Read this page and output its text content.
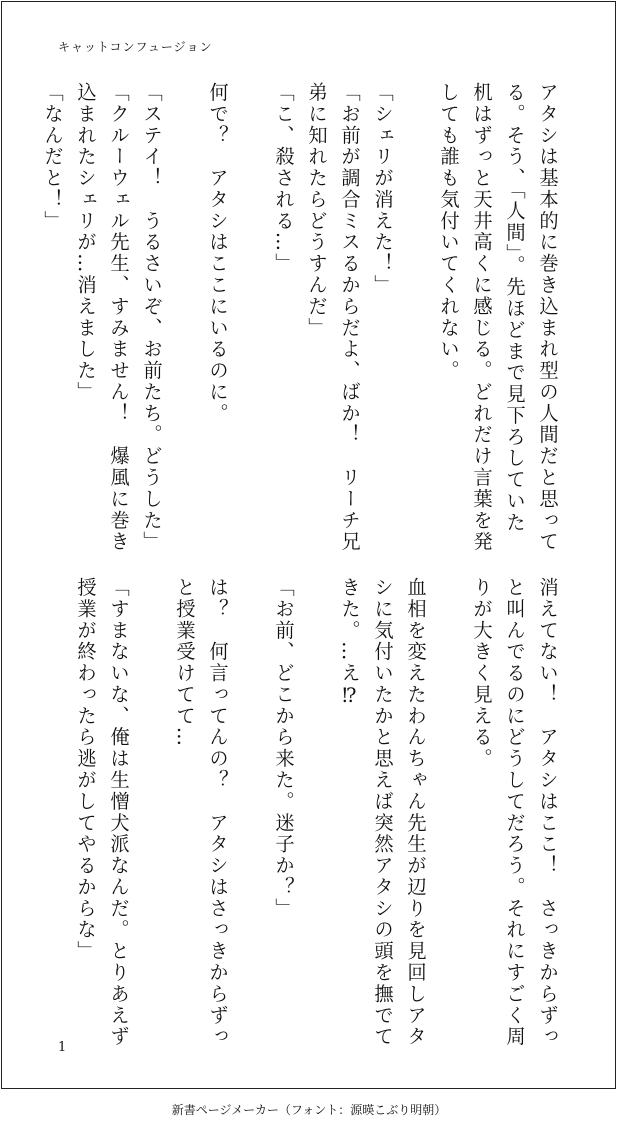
キャットコンフュージョン
アタシは基本的に巻き込まれ型の人間だと思って
る。そう、「人間」。先ほどまで見下ろしていた
机はずっと天井高くに感じる。どれだけ言葉を発
しても誰も気付いてくれない。

「シェリが消えた！」
「お前が調合ミスるからだよ、ばか！　リーチ兄
弟に知れたらどうすんだ」
「こ、殺される…」

何で？　アタシはここにいるのに。

「ステイ！　うるさいぞ、お前たち。どうした」
「クルーウェル先生、すみません！　爆風に巻き
込まれたシェリが…消えました」
「なんだと！」
消えてない！　アタシはここ！　さっきからずっ
と叫んでるのにどうしてだろう。それにすごく周
りが大きく見える。

血相を変えたわんちゃん先生が辺りを見回しアタ
シに気付いたかと思えば突然アタシの頭を撫でて
きた。…え⁉

「お前、どこから来た。迷子か？」

は？　何言ってんの？　アタシはさっきからずっ
と授業受けてて…

「すまないな、俺は生憎犬派なんだ。とりあえず
授業が終わったら逃がしてやるからな」
1
新書ページメーカー（フォント：源暎こぶり明朝）
